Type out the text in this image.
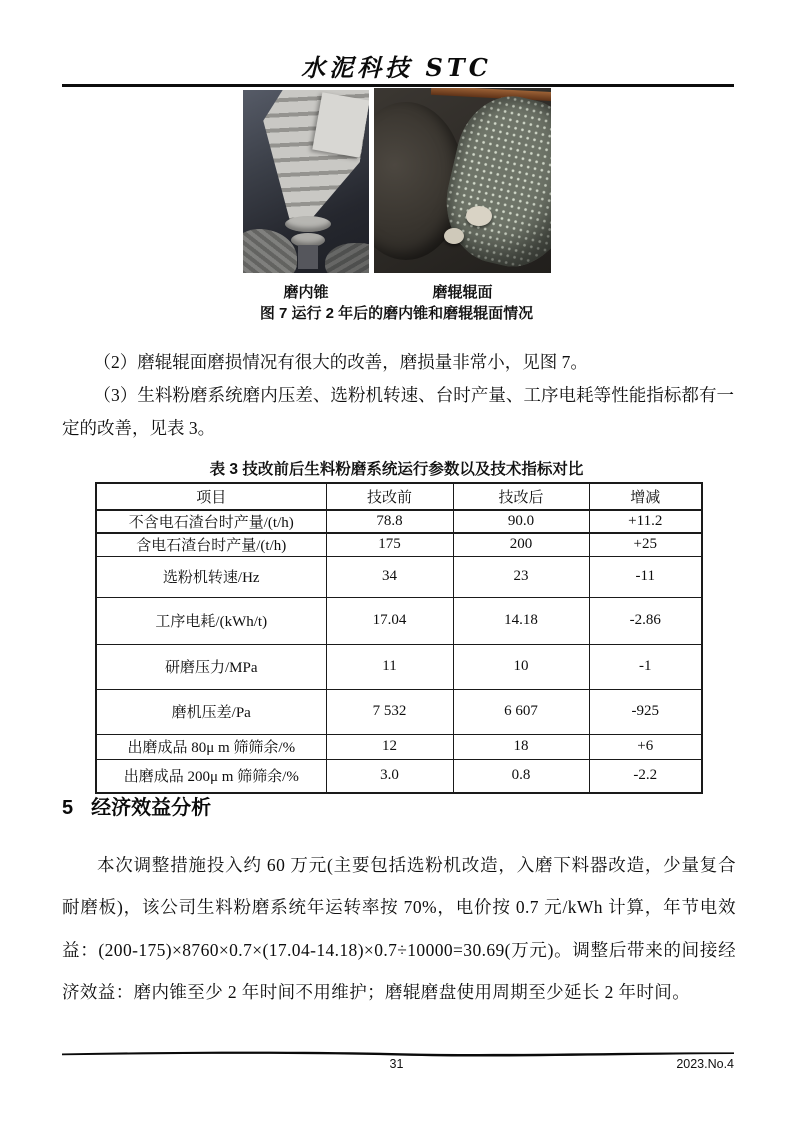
水泥科技 STC
磨内锥	磨辊辊面
图 7 运行 2 年后的磨内锥和磨辊辊面情况

（2）磨辊辊面磨损情况有很大的改善，磨损量非常小，见图 7。

（3）生料粉磨系统磨内压差、选粉机转速、台时产量、工序电耗等性能指标都有一定的改善，见表 3。

表 3 技改前后生料粉磨系统运行参数以及技术指标对比
项目	技改前	技改后	增减
不含电石渣台时产量/(t/h)	78.8	90.0	+11.2
含电石渣台时产量/(t/h)	175	200	+25
选粉机转速/Hz	34	23	-11
工序电耗/(kWh/t)	17.04	14.18	-2.86
研磨压力/MPa	11	10	-1
磨机压差/Pa	7 532	6 607	-925
出磨成品 80μ m 筛筛余/%	12	18	+6
出磨成品 200μ m 筛筛余/%	3.0	0.8	-2.2
5 经济效益分析

本次调整措施投入约 60 万元(主要包括选粉机改造，入磨下料器改造，少量复合耐磨板)，该公司生料粉磨系统年运转率按 70%，电价按 0.7 元/kWh 计算，年节电效益：(200-175)×8760×0.7×(17.04-14.18)×0.7÷10000=30.69(万元)。调整后带来的间接经济效益：磨内锥至少 2 年时间不用维护；磨辊磨盘使用周期至少延长 2 年时间。

31	2023.No.4
